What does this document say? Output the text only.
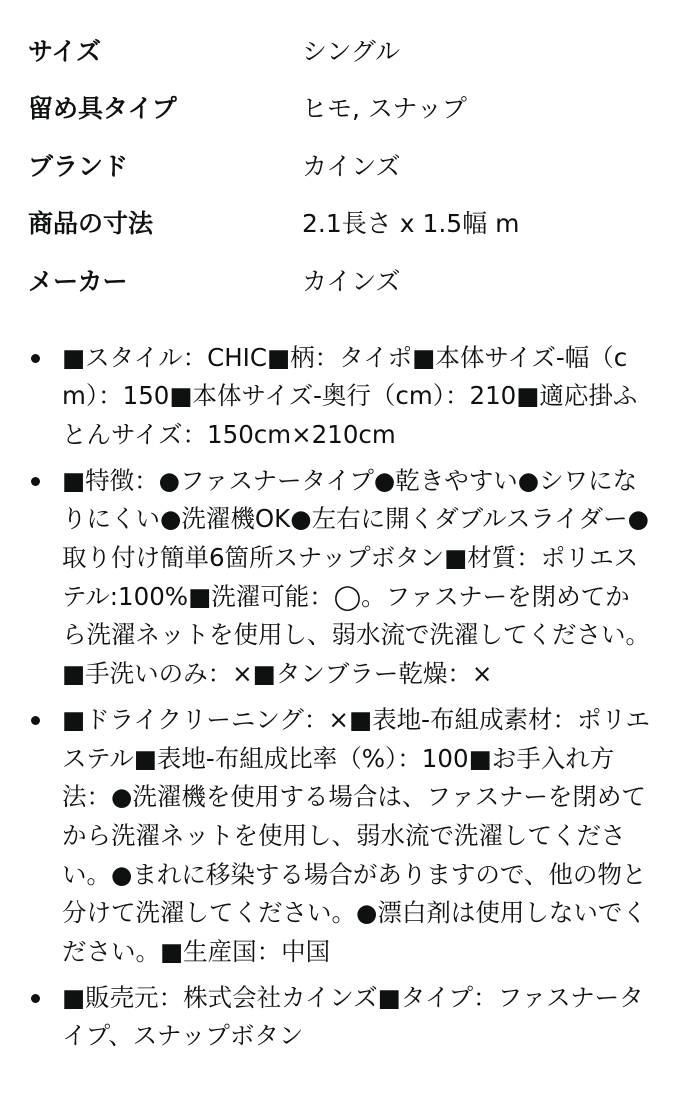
サイズ	シングル
留め具タイプ	ヒモ, スナップ
ブランド	カインズ
商品の寸法	2.1長さ x 1.5幅 m
メーカー	カインズ
■スタイル：CHIC■柄：タイポ■本体サイズ-幅（cm）：150■本体サイズ-奥行（cm）：210■適応掛ふとんサイズ：150cm×210cm
■特徴：●ファスナータイプ●乾きやすい●シワになりにくい●洗濯機OK●左右に開くダブルスライダー●取り付け簡単6箇所スナップボタン■材質：ポリエステル:100%■洗濯可能：◯。ファスナーを閉めてから洗濯ネットを使用し、弱水流で洗濯してください。■手洗いのみ：×■タンブラー乾燥：×
■ドライクリーニング：×■表地-布組成素材：ポリエステル■表地-布組成比率（%）：100■お手入れ方法：●洗濯機を使用する場合は、ファスナーを閉めてから洗濯ネットを使用し、弱水流で洗濯してください。●まれに移染する場合がありますので、他の物と分けて洗濯してください。●漂白剤は使用しないでください。■生産国：中国
■販売元：株式会社カインズ■タイプ：ファスナータイプ、スナップボタン
